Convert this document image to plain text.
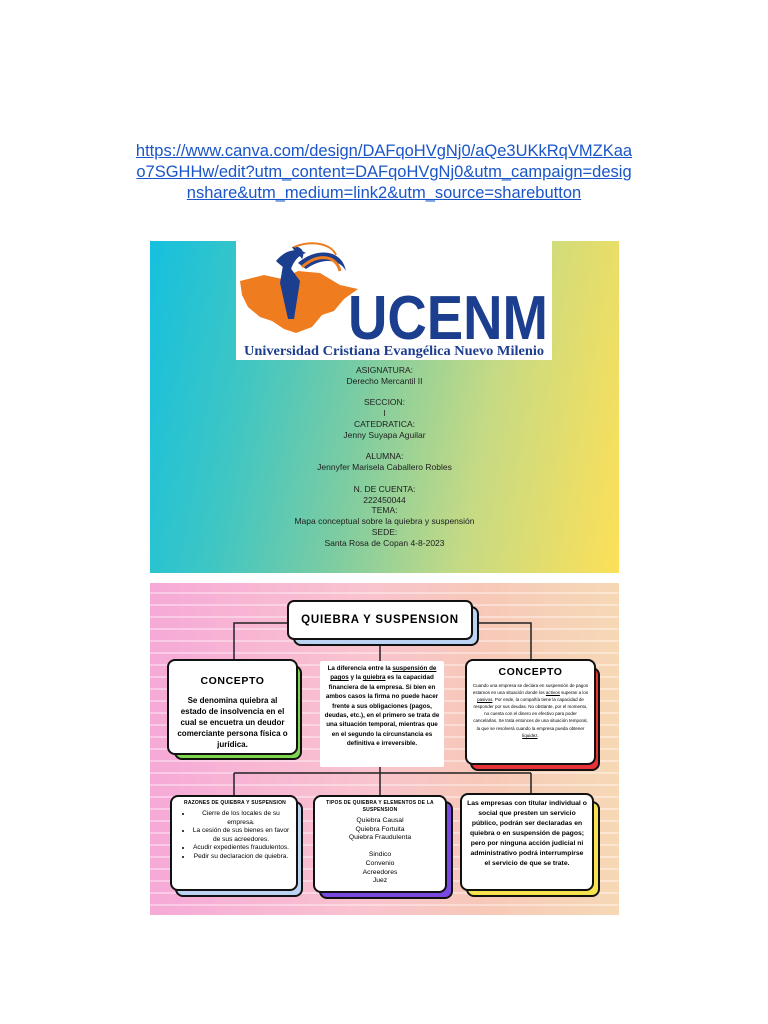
https://www.canva.com/design/DAFqoHVgNj0/aQe3UKkRqVMZKaa
o7SGHHw/edit?utm_content=DAFqoHVgNj0&utm_campaign=desig
nshare&utm_medium=link2&utm_source=sharebutton
UCENM
Universidad Cristiana Evangélica Nuevo Milenio
ASIGNATURA:
Derecho Mercantil II
SECCION:
I
CATEDRATICA:
Jenny Suyapa Aguilar
ALUMNA:
Jennyfer Marisela Caballero Robles
N. DE CUENTA:
222450044
TEMA:
Mapa conceptual sobre la quiebra y suspensión
SEDE:
Santa Rosa de Copan 4-8-2023
QUIEBRA Y SUSPENSION
CONCEPTO
Se denomina quiebra al estado de insolvencia en el cual se encuetra un deudor comerciante persona física o jurídica.
La diferencia entre la suspensión de pagos y la quiebra es la capacidad financiera de la empresa. Si bien en ambos casos la firma no puede hacer frente a sus obligaciones (pagos, deudas, etc.), en el primero se trata de una situación temporal, mientras que en el segundo la circunstancia es definitiva e irreversible.
CONCEPTO
Cuando una empresa se declara en suspensión de pagos estamos en una situación donde los activos superan a los pasivos. Por ende, la compañía tiene la capacidad de responder por sus deudas. No obstante, por el momento, no cuenta con el dinero en efectivo para poder cancelarlas. Se trata entonces de una situación temporal, la que se resolverá cuando la empresa pueda obtener liquidez.
RAZONES DE QUIEBRA Y SUSPENSION
• Cierre de los locales de su empresa.
• La cesión de sus bienes en favor de sus acreedores.
• Acudir expedientes fraudulentos.
• Pedir su declaracion de quiebra.
TIPOS DE QUIEBRA Y ELEMENTOS DE LA SUSPENSION
Quiebra Causal
Quiebra Fortuita
Quiebra Fraudulenta
Sindico
Convenio
Acreedores
Juez
Las empresas con titular individual o social que presten un servicio público, podrán ser declaradas en quiebra o en suspensión de pagos; pero por ninguna acción judicial ni administrativo podrá interrumpirse el servicio de que se trate.
